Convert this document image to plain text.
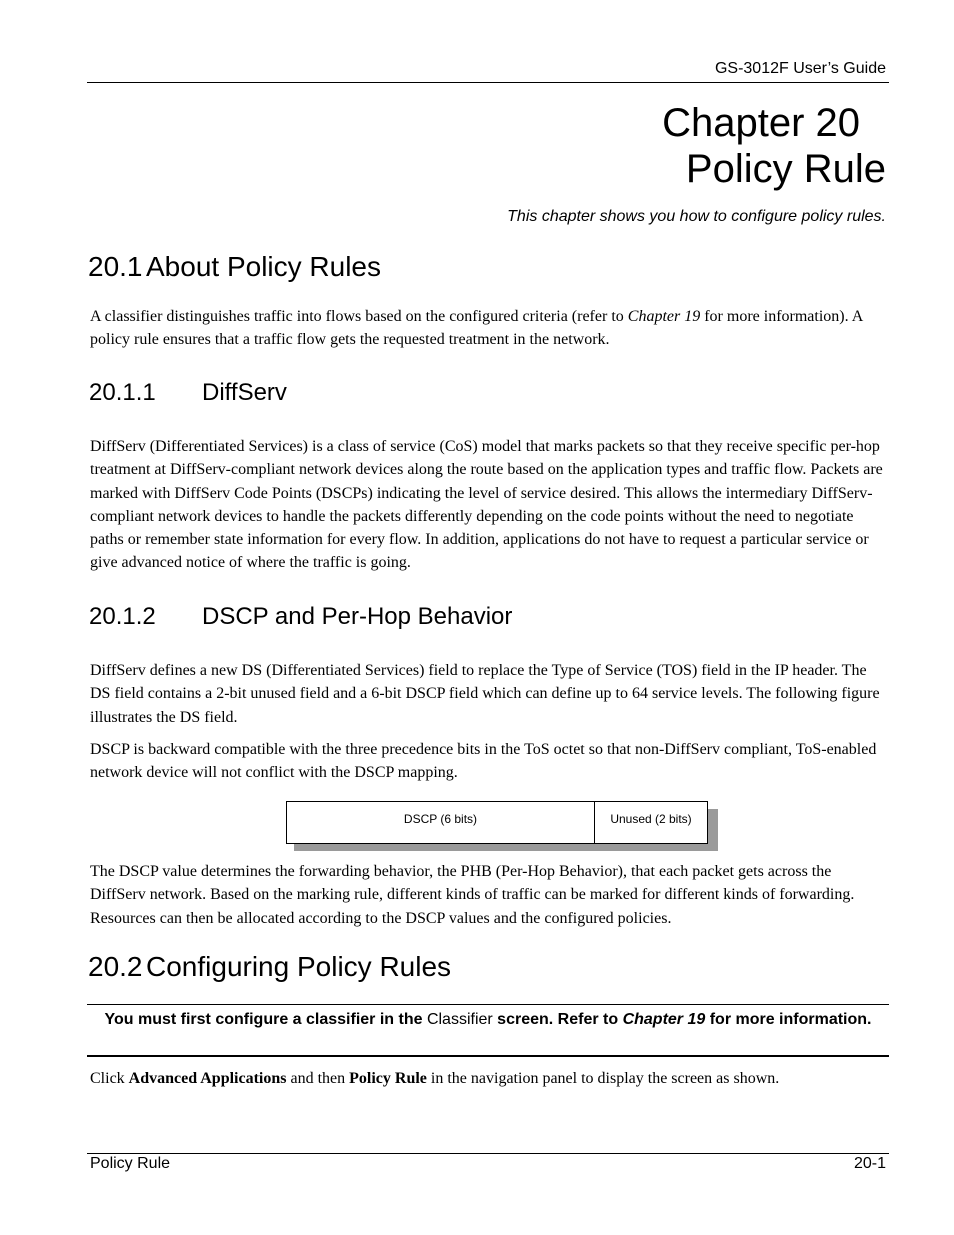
GS-3012F User’s Guide
Chapter 20
Policy Rule
This chapter shows you how to configure policy rules.
20.1 About Policy Rules
A classifier distinguishes traffic into flows based on the configured criteria (refer to Chapter 19 for more information). A policy rule ensures that a traffic flow gets the requested treatment in the network.
20.1.1 DiffServ
DiffServ (Differentiated Services) is a class of service (CoS) model that marks packets so that they receive specific per-hop treatment at DiffServ-compliant network devices along the route based on the application types and traffic flow. Packets are marked with DiffServ Code Points (DSCPs) indicating the level of service desired. This allows the intermediary DiffServ-compliant network devices to handle the packets differently depending on the code points without the need to negotiate paths or remember state information for every flow. In addition, applications do not have to request a particular service or give advanced notice of where the traffic is going.
20.1.2 DSCP and Per-Hop Behavior
DiffServ defines a new DS (Differentiated Services) field to replace the Type of Service (TOS) field in the IP header. The DS field contains a 2-bit unused field and a 6-bit DSCP field which can define up to 64 service levels. The following figure illustrates the DS field.
DSCP is backward compatible with the three precedence bits in the ToS octet so that non-DiffServ compliant, ToS-enabled network device will not conflict with the DSCP mapping.
DSCP (6 bits)	Unused (2 bits)
The DSCP value determines the forwarding behavior, the PHB (Per-Hop Behavior), that each packet gets across the DiffServ network. Based on the marking rule, different kinds of traffic can be marked for different kinds of forwarding. Resources can then be allocated according to the DSCP values and the configured policies.
20.2 Configuring Policy Rules
You must first configure a classifier in the Classifier screen. Refer to Chapter 19 for more information.
Click Advanced Applications and then Policy Rule in the navigation panel to display the screen as shown.
Policy Rule	20-1
